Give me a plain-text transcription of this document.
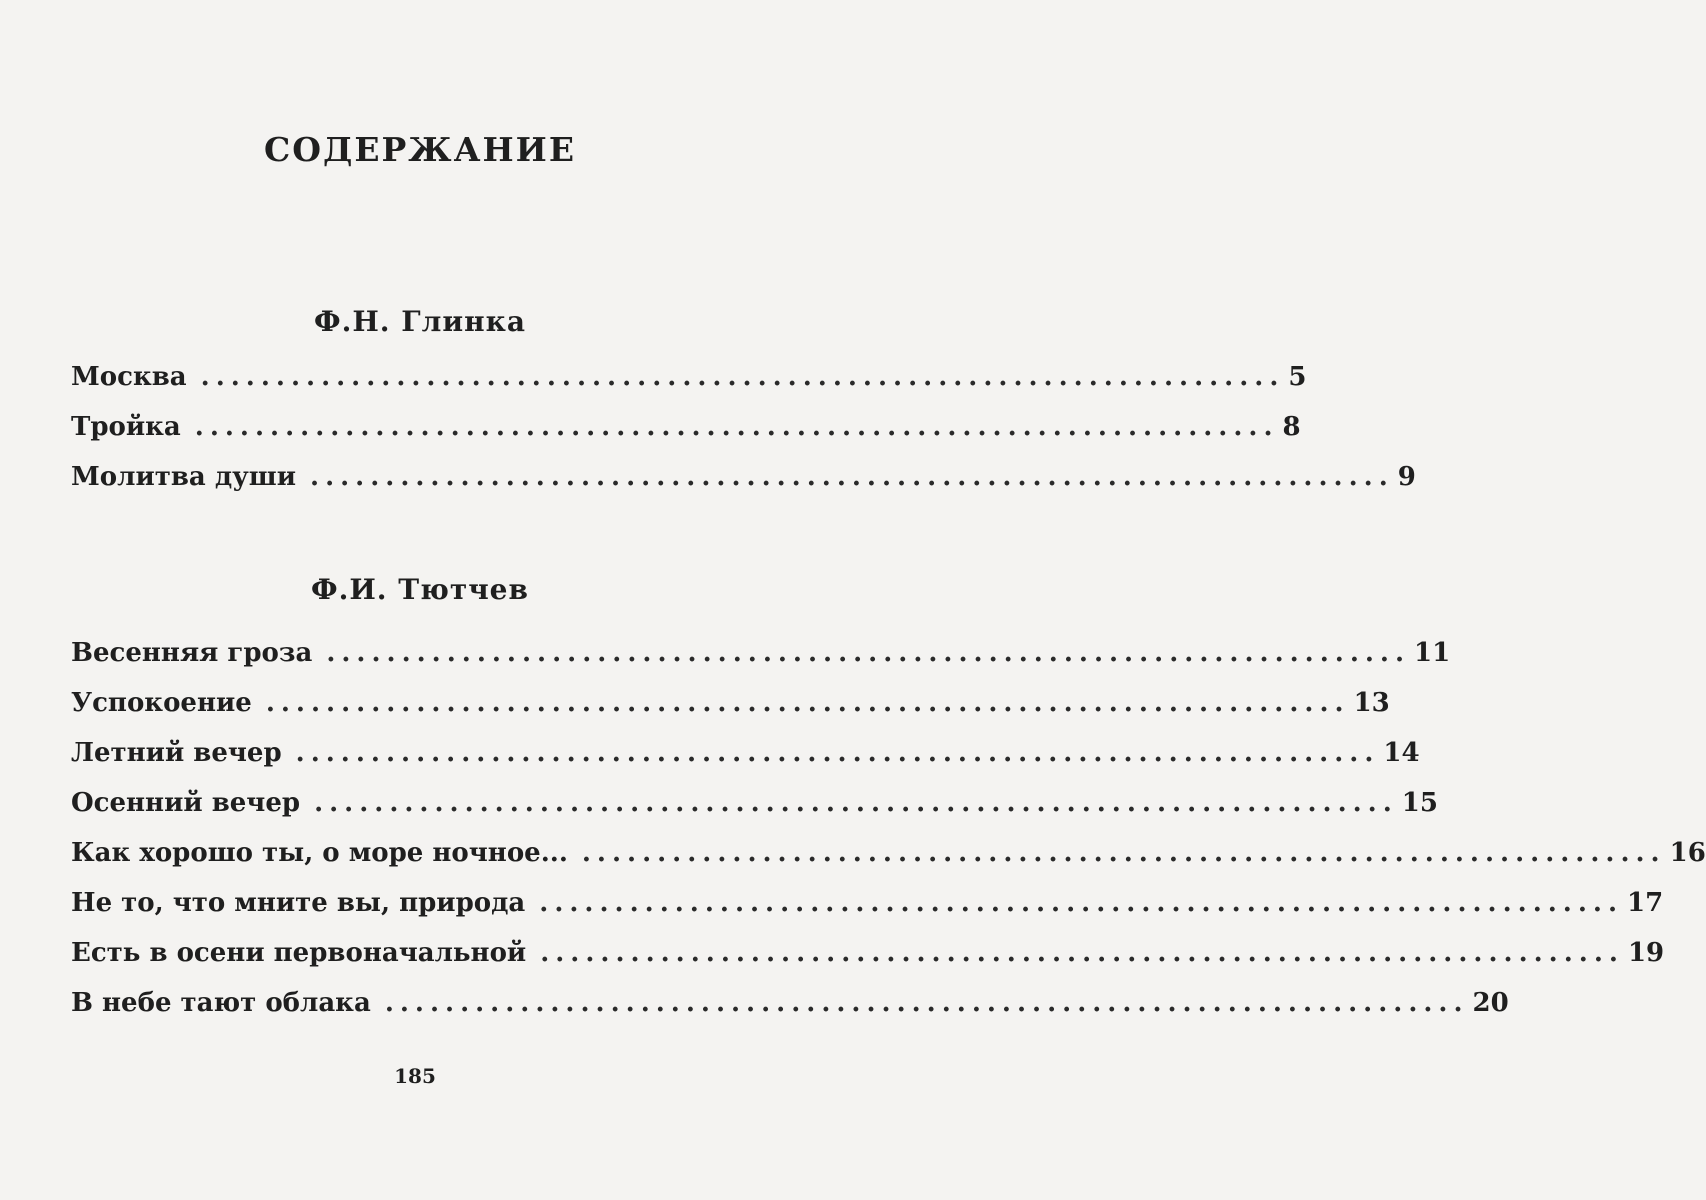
СОДЕРЖАНИЕ
Ф.Н. Глинка
Москва ........................................................................ 5
Тройка ........................................................................ 8
Молитва души ........................................................................ 9
Ф.И. Тютчев
Весенняя гроза ........................................................................ 11
Успокоение ........................................................................ 13
Летний вечер ........................................................................ 14
Осенний вечер ........................................................................ 15
Как хорошо ты, о море ночное... ........................................................................ 16
Не то, что мните вы, природа ........................................................................ 17
Есть в осени первоначальной ........................................................................ 19
В небе тают облака ........................................................................ 20
185
